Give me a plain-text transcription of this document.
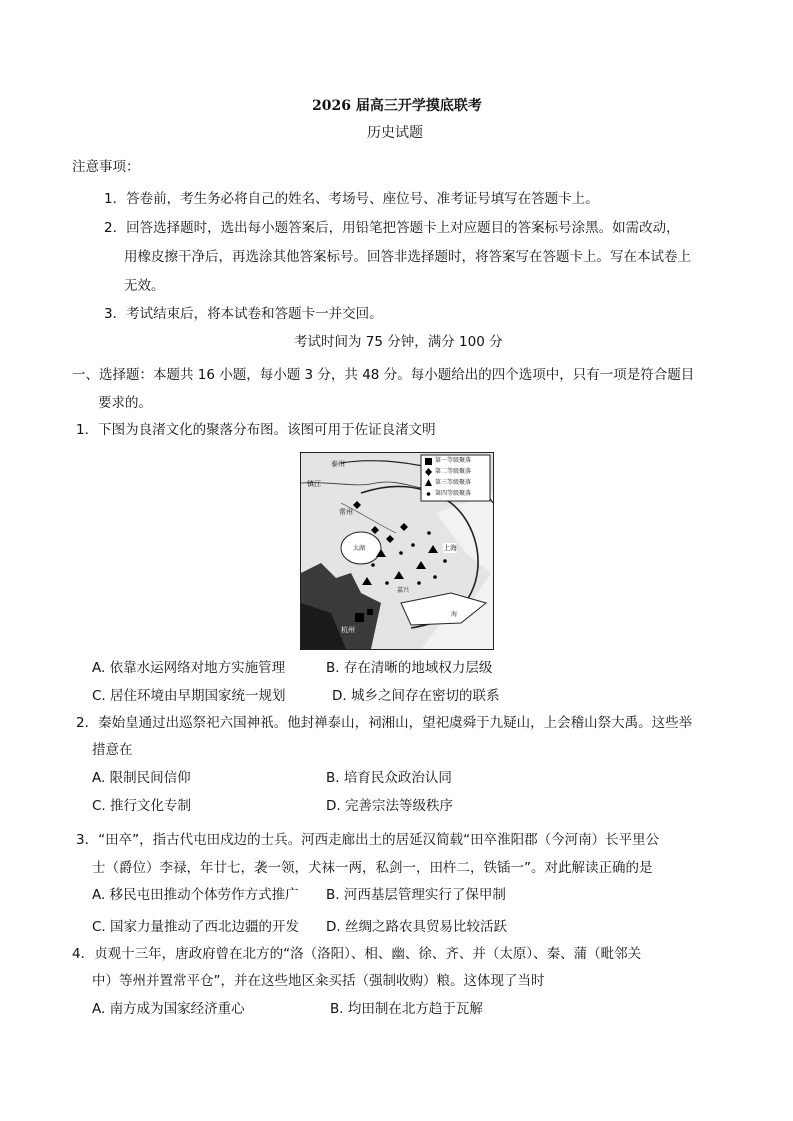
2026 届高三开学摸底联考
历史试题
注意事项：
1．答卷前，考生务必将自己的姓名、考场号、座位号、准考证号填写在答题卡上。
2．回答选择题时，选出每小题答案后，用铅笔把答题卡上对应题目的答案标号涂黑。如需改动，
用橡皮擦干净后，再选涂其他答案标号。回答非选择题时，将答案写在答题卡上。写在本试卷上
无效。
3．考试结束后，将本试卷和答题卡一并交回。
考试时间为 75 分钟，满分 100 分
一、选择题：本题共 16 小题，每小题 3 分，共 48 分。每小题给出的四个选项中，只有一项是符合题目
要求的。
1．下图为良渚文化的聚落分布图。该图可用于佐证良渚文明
第一等级聚落
第二等级聚落
第三等级聚落
第四等级聚落
泰州
镇江
常州
太湖	上海
杭州
嘉兴
海
A. 依靠水运网络对地方实施管理	B. 存在清晰的地域权力层级
C. 居住环境由早期国家统一规划	D. 城乡之间存在密切的联系
2．秦始皇通过出巡祭祀六国神祇。他封禅泰山，祠湘山，望祀虞舜于九疑山，上会稽山祭大禹。这些举
措意在
A. 限制民间信仰	B. 培育民众政治认同
C. 推行文化专制	D. 完善宗法等级秩序
3．“田卒”，指古代屯田戍边的士兵。河西走廊出土的居延汉简载“田卒淮阳郡（今河南）长平里公
士（爵位）李禄，年廿七，袭一领，犬袜一两，私剑一，田杵二，铁锸一”。对此解读正确的是
A. 移民屯田推动个体劳作方式推广 B. 河西基层管理实行了保甲制
C. 国家力量推动了西北边疆的开发 D. 丝绸之路农具贸易比较活跃
4．贞观十三年，唐政府曾在北方的“洛（洛阳）、相、幽、徐、齐、并（太原）、秦、蒲（毗邻关
中）等州并置常平仓”，并在这些地区籴买括（强制收购）粮。这体现了当时
A. 南方成为国家经济重心	B. 均田制在北方趋于瓦解
